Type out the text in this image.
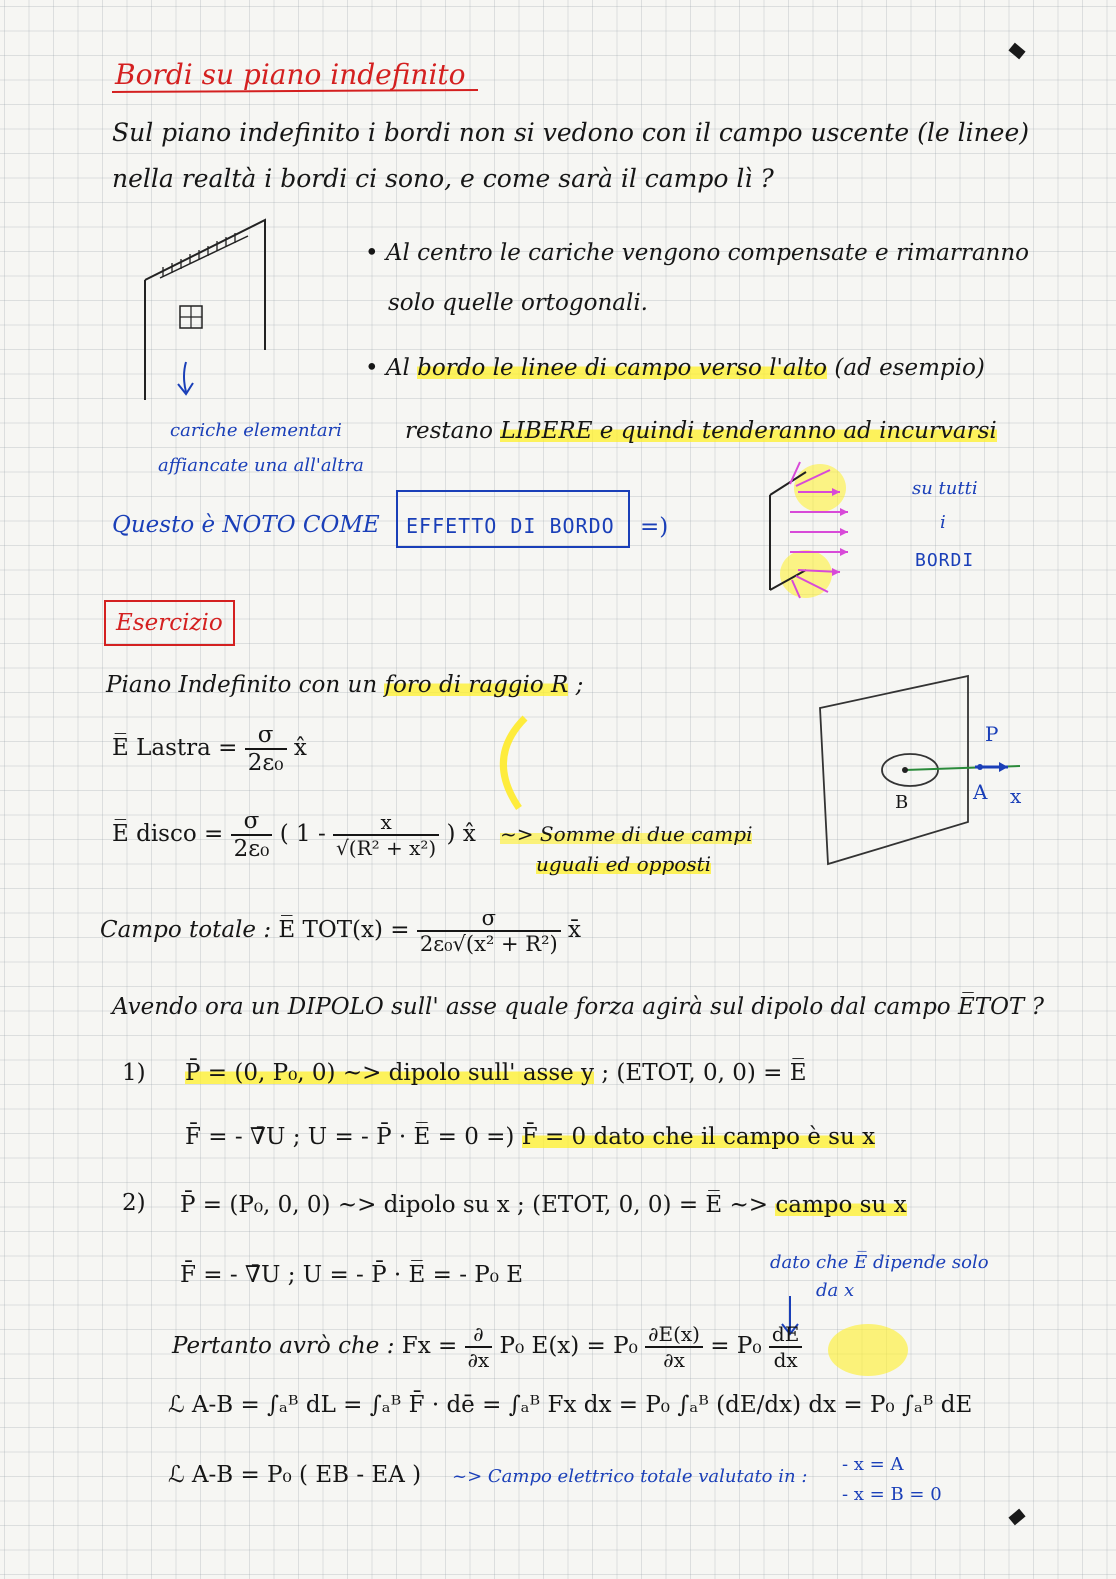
Bordi su piano indefinito
Sul piano indefinito i bordi non si vedono con il campo uscente (le linee)
nella realtà i bordi ci sono, e come sarà il campo lì ?
cariche elementari
affiancate una all'altra
• Al centro le cariche vengono compensate e rimarranno
solo quelle ortogonali.
• Al bordo le linee di campo verso l'alto (ad esempio)
restano LIBERE e quindi tenderanno ad incurvarsi
Questo è NOTO COME	EFFETTO DI BORDO	=)
su tutti
i
BORDI
Esercizio
Piano Indefinito con un foro di raggio R ;
E̅ Lastra = $\frac{\sigma}{\text{2ε₀}}$ x̂
E̅ disco = $\frac{\sigma}{\text{2ε₀}}$ ( $1 - \frac{x}{\text{√(R² + x²)}}$ ) x̂ ~> Somme di due campi
uguali ed opposti
P
B	A x
Campo totale : E̅ $TOT(x) = \frac{\sigma}{\text{2ε₀√(x² + R²)}}$ x̄
Avendo ora un DIPOLO sull' asse quale forza agirà sul dipolo dal campo E̅TOT ?
1) P̄ = (0, P₀, 0) ~> dipolo sull' asse y ; (ETOT, 0, 0) = E̅
F̄ = - ∇̄U ; U = - P̄ · E̅ = 0 =) F̄ = 0 dato che il campo è su x
2) P̄ = (P₀, 0, 0) ~> dipolo su x ; (ETOT, 0, 0) = E̅ ~> campo su x
F̄ = - ∇̄U ; U = - P̄ · E̅ = - P₀ E	dato che E̅ dipende solo
da x
Pertanto avrò che : $Fx = \frac{\partial}{\partial x} P_0$ $E(x) = P_0 \frac{\partial E(x)}{\partial x} = P_0 \frac{dE}{dx}$
ℒ A-B = ∫ₐᴮ dL = ∫ₐᴮ F̄ · dē = ∫ₐᴮ Fx dx = P₀ ∫ₐᴮ (dE/dx) dx = P₀ ∫ₐᴮ dE
ℒ A-B = P₀ ( EB - EA ) ~> Campo elettrico totale valutato in :
- x = A
- x = B = 0
